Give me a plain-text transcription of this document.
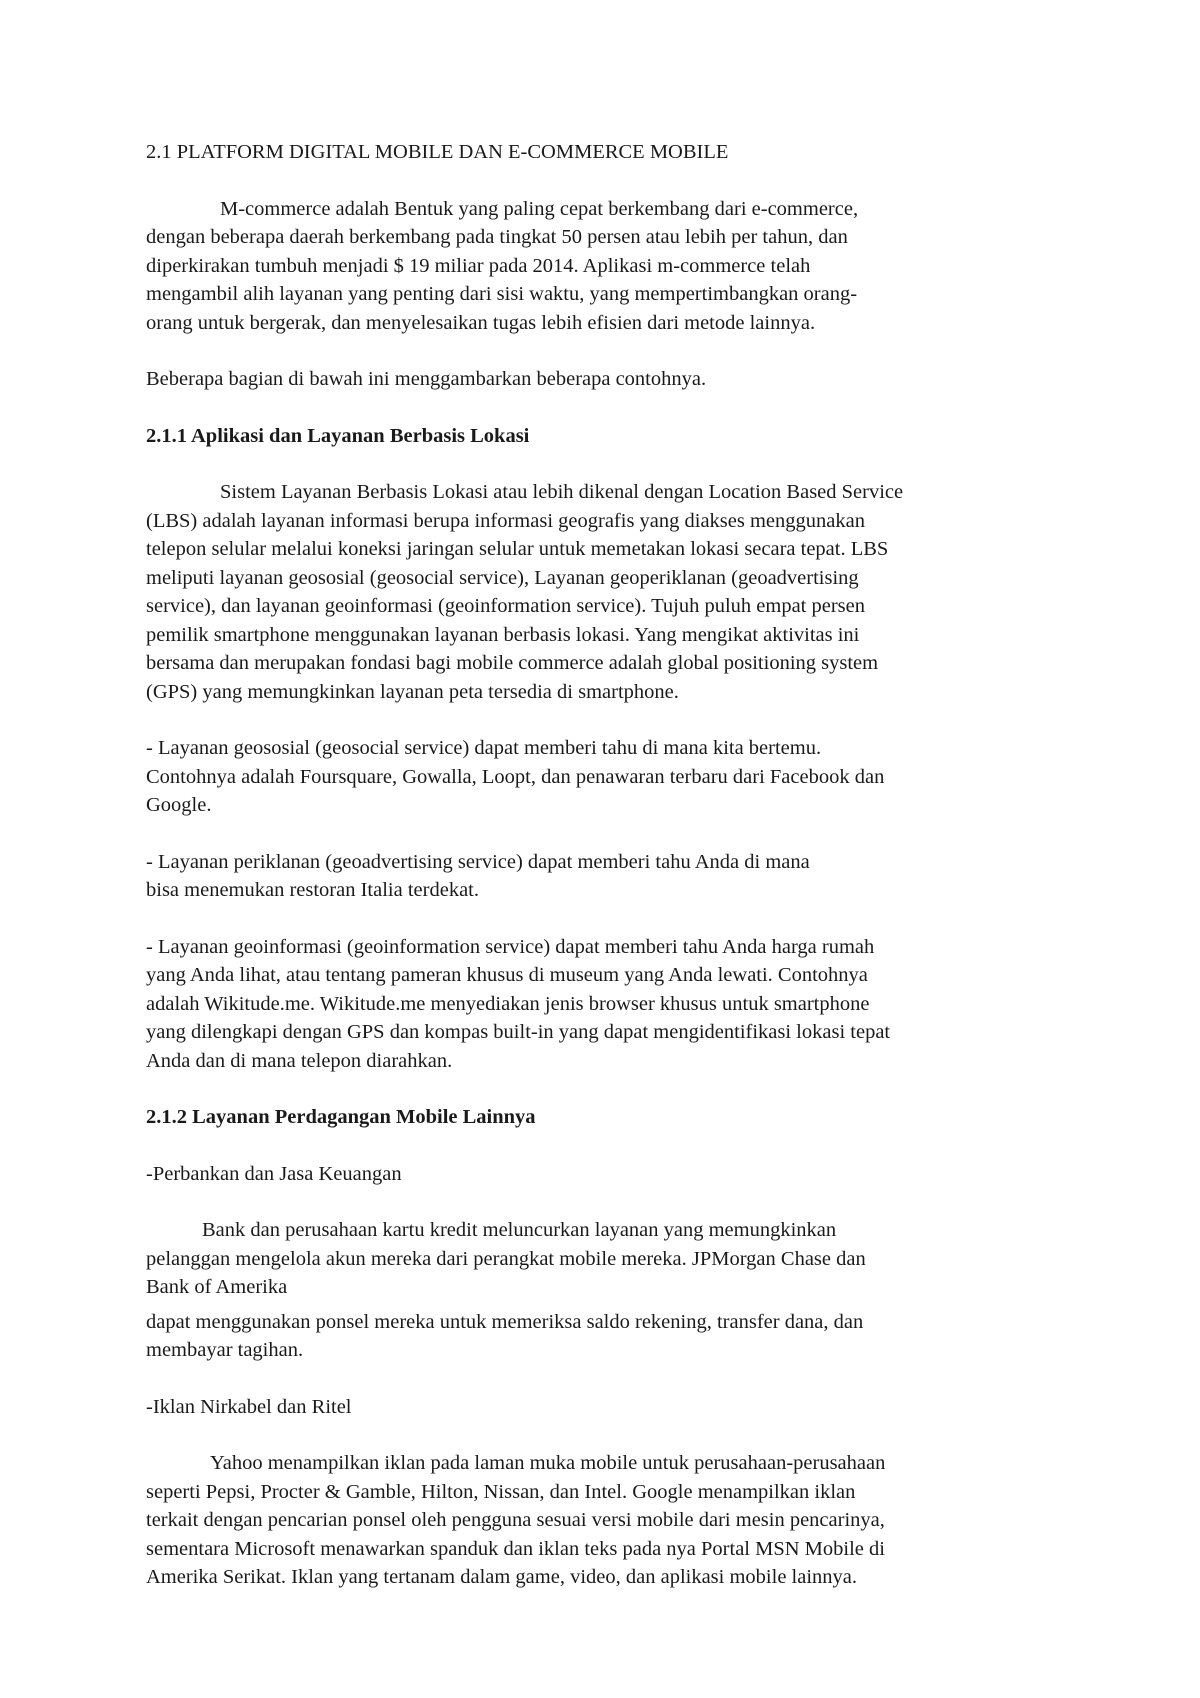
2.1 PLATFORM DIGITAL MOBILE DAN E-COMMERCE MOBILE
M-commerce adalah Bentuk yang paling cepat berkembang dari e-commerce,
dengan beberapa daerah berkembang pada tingkat 50 persen atau lebih per tahun, dan
diperkirakan tumbuh menjadi $ 19 miliar pada 2014. Aplikasi m-commerce telah
mengambil alih layanan yang penting dari sisi waktu, yang mempertimbangkan orang-
orang untuk bergerak, dan menyelesaikan tugas lebih efisien dari metode lainnya.
Beberapa bagian di bawah ini menggambarkan beberapa contohnya.
2.1.1 Aplikasi dan Layanan Berbasis Lokasi
Sistem Layanan Berbasis Lokasi atau lebih dikenal dengan Location Based Service
(LBS) adalah layanan informasi berupa informasi geografis yang diakses menggunakan
telepon selular melalui koneksi jaringan selular untuk memetakan lokasi secara tepat. LBS
meliputi layanan geososial (geosocial service), Layanan geoperiklanan (geoadvertising
service), dan layanan geoinformasi (geoinformation service). Tujuh puluh empat persen
pemilik smartphone menggunakan layanan berbasis lokasi. Yang mengikat aktivitas ini
bersama dan merupakan fondasi bagi mobile commerce adalah global positioning system
(GPS) yang memungkinkan layanan peta tersedia di smartphone.
- Layanan geososial (geosocial service) dapat memberi tahu di mana kita bertemu.
Contohnya adalah Foursquare, Gowalla, Loopt, dan penawaran terbaru dari Facebook dan
Google.
- Layanan periklanan (geoadvertising service) dapat memberi tahu Anda di mana
bisa menemukan restoran Italia terdekat.
- Layanan geoinformasi (geoinformation service) dapat memberi tahu Anda harga rumah
yang Anda lihat, atau tentang pameran khusus di museum yang Anda lewati. Contohnya
adalah Wikitude.me. Wikitude.me menyediakan jenis browser khusus untuk smartphone
yang dilengkapi dengan GPS dan kompas built-in yang dapat mengidentifikasi lokasi tepat
Anda dan di mana telepon diarahkan.
2.1.2 Layanan Perdagangan Mobile Lainnya
-Perbankan dan Jasa Keuangan
Bank dan perusahaan kartu kredit meluncurkan layanan yang memungkinkan
pelanggan mengelola akun mereka dari perangkat mobile mereka. JPMorgan Chase dan
Bank of Amerika
dapat menggunakan ponsel mereka untuk memeriksa saldo rekening, transfer dana, dan
membayar tagihan.
-Iklan Nirkabel dan Ritel
Yahoo menampilkan iklan pada laman muka mobile untuk perusahaan-perusahaan
seperti Pepsi, Procter & Gamble, Hilton, Nissan, dan Intel. Google menampilkan iklan
terkait dengan pencarian ponsel oleh pengguna sesuai versi mobile dari mesin pencarinya,
sementara Microsoft menawarkan spanduk dan iklan teks pada nya Portal MSN Mobile di
Amerika Serikat. Iklan yang tertanam dalam game, video, dan aplikasi mobile lainnya.
